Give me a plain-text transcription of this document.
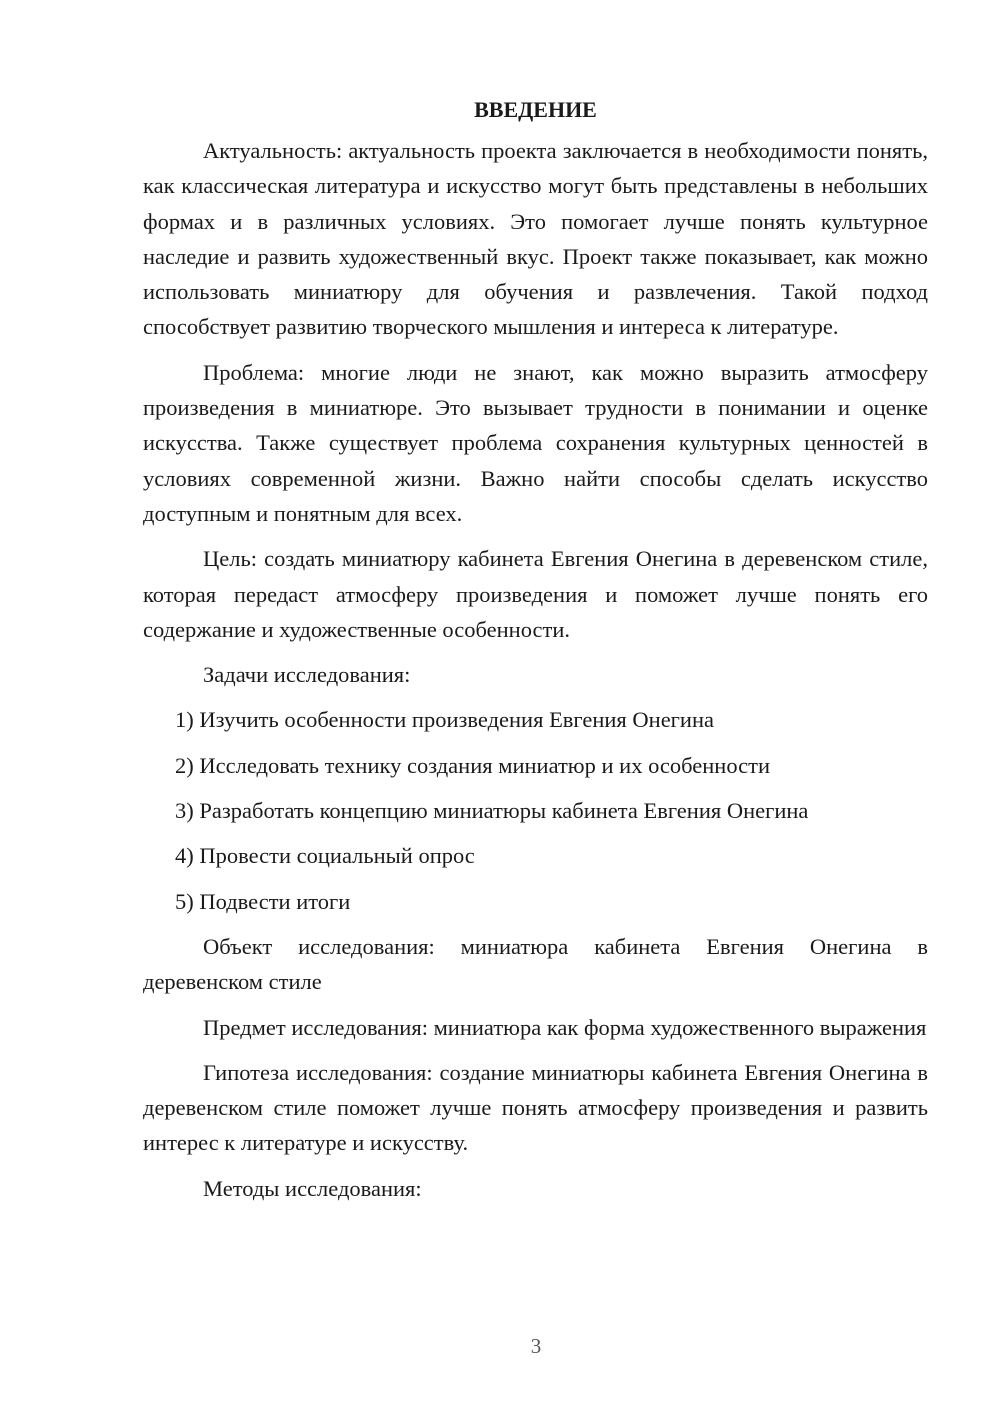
ВВЕДЕНИЕ

Актуальность: актуальность проекта заключается в необходимости понять, как классическая литература и искусство могут быть представлены в небольших формах и в различных условиях. Это помогает лучше понять культурное наследие и развить художественный вкус. Проект также показывает, как можно использовать миниатюру для обучения и развлечения. Такой подход способствует развитию творческого мышления и интереса к литературе.

Проблема: многие люди не знают, как можно выразить атмосферу произведения в миниатюре. Это вызывает трудности в понимании и оценке искусства. Также существует проблема сохранения культурных ценностей в условиях современной жизни. Важно найти способы сделать искусство доступным и понятным для всех.

Цель: создать миниатюру кабинета Евгения Онегина в деревенском стиле, которая передаст атмосферу произведения и поможет лучше понять его содержание и художественные особенности.

Задачи исследования:

1) Изучить особенности произведения Евгения Онегина

2) Исследовать технику создания миниатюр и их особенности

3) Разработать концепцию миниатюры кабинета Евгения Онегина

4) Провести социальный опрос

5) Подвести итоги

Объект исследования: миниатюра кабинета Евгения Онегина в деревенском стиле

Предмет исследования: миниатюра как форма художественного выражения

Гипотеза исследования: создание миниатюры кабинета Евгения Онегина в деревенском стиле поможет лучше понять атмосферу произведения и развить интерес к литературе и искусству.

Методы исследования:

3
